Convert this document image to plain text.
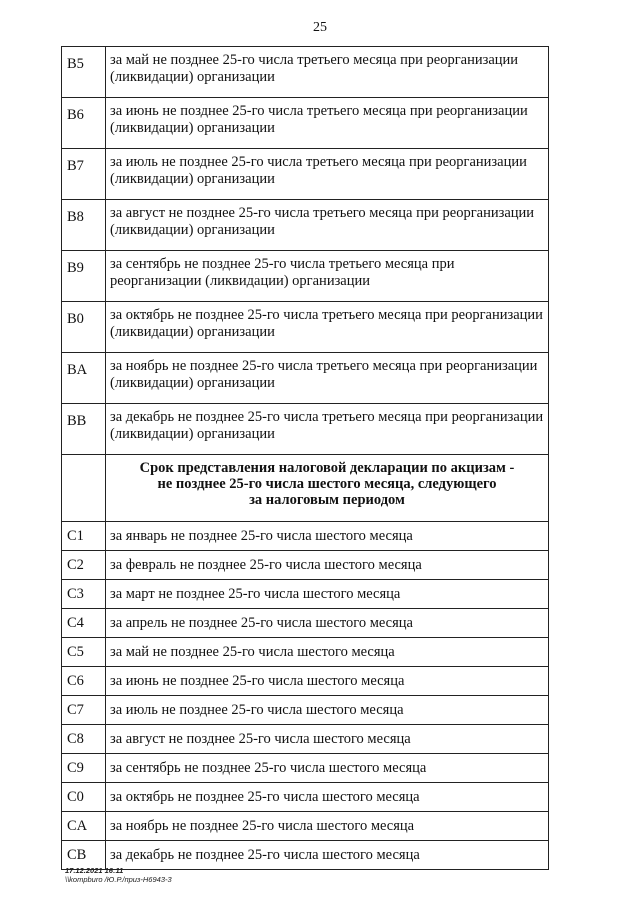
25
B5	за май не позднее 25-го числа третьего месяца при реорганизации (ликвидации) организации
B6	за июнь не позднее 25-го числа третьего месяца при реорганизации (ликвидации) организации
B7	за июль не позднее 25-го числа третьего месяца при реорганизации (ликвидации) организации
B8	за август не позднее 25-го числа третьего месяца при реорганизации (ликвидации) организации
B9	за сентябрь не позднее 25-го числа третьего месяца при реорганизации (ликвидации) организации
B0	за октябрь не позднее 25-го числа третьего месяца при реорганизации (ликвидации) организации
BA	за ноябрь не позднее 25-го числа третьего месяца при реорганизации (ликвидации) организации
BB	за декабрь не позднее 25-го числа третьего месяца при реорганизации (ликвидации) организации
	Срок представления налоговой декларации по акцизам -
не позднее 25-го числа шестого месяца, следующего
за налоговым периодом
C1	за январь не позднее 25-го числа шестого месяца
C2	за февраль не позднее 25-го числа шестого месяца
C3	за март не позднее 25-го числа шестого месяца
C4	за апрель не позднее 25-го числа шестого месяца
C5	за май не позднее 25-го числа шестого месяца
C6	за июнь не позднее 25-го числа шестого месяца
C7	за июль не позднее 25-го числа шестого месяца
C8	за август не позднее 25-го числа шестого месяца
C9	за сентябрь не позднее 25-го числа шестого месяца
C0	за октябрь не позднее 25-го числа шестого месяца
CA	за ноябрь не позднее 25-го числа шестого месяца
CB	за декабрь не позднее 25-го числа шестого месяца
17.12.2021 16:11
\\kompburo /Ю.Р./приз-Н6943-3
